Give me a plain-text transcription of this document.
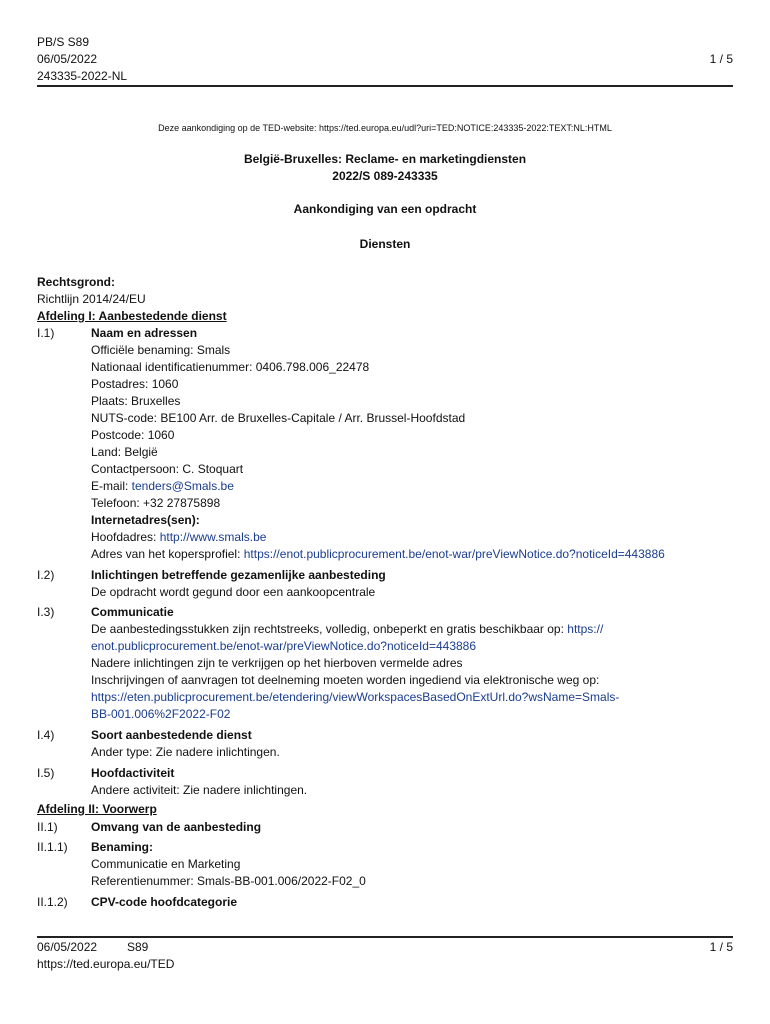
PB/S S89
06/05/2022
243335-2022-NL
1 / 5
Deze aankondiging op de TED-website: https://ted.europa.eu/udl?uri=TED:NOTICE:243335-2022:TEXT:NL:HTML
België-Bruxelles: Reclame- en marketingdiensten
2022/S 089-243335
Aankondiging van een opdracht
Diensten
Rechtsgrond:
Richtlijn 2014/24/EU
Afdeling I: Aanbestedende dienst
I.1)	Naam en adressen
Officiële benaming: Smals
Nationaal identificatienummer: 0406.798.006_22478
Postadres: 1060
Plaats: Bruxelles
NUTS-code: BE100 Arr. de Bruxelles-Capitale / Arr. Brussel-Hoofdstad
Postcode: 1060
Land: België
Contactpersoon: C. Stoquart
E-mail: tenders@Smals.be
Telefoon: +32 27875898
Internetadres(sen):
Hoofdadres: http://www.smals.be
Adres van het kopersprofiel: https://enot.publicprocurement.be/enot-war/preViewNotice.do?noticeId=443886
I.2)	Inlichtingen betreffende gezamenlijke aanbesteding
De opdracht wordt gegund door een aankoopcentrale
I.3)	Communicatie
De aanbestedingsstukken zijn rechtstreeks, volledig, onbeperkt en gratis beschikbaar op: https://
enot.publicprocurement.be/enot-war/preViewNotice.do?noticeId=443886
Nadere inlichtingen zijn te verkrijgen op het hierboven vermelde adres
Inschrijvingen of aanvragen tot deelneming moeten worden ingediend via elektronische weg op:
https://eten.publicprocurement.be/etendering/viewWorkspacesBasedOnExtUrl.do?wsName=Smals-
BB-001.006%2F2022-F02
I.4)	Soort aanbestedende dienst
Ander type: Zie nadere inlichtingen.
I.5)	Hoofdactiviteit
Andere activiteit: Zie nadere inlichtingen.
Afdeling II: Voorwerp
II.1)	Omvang van de aanbesteding
II.1.1) Benaming:
Communicatie en Marketing
Referentienummer: Smals-BB-001.006/2022-F02_0
II.1.2) CPV-code hoofdcategorie
06/05/2022 S89	1 / 5
https://ted.europa.eu/TED
